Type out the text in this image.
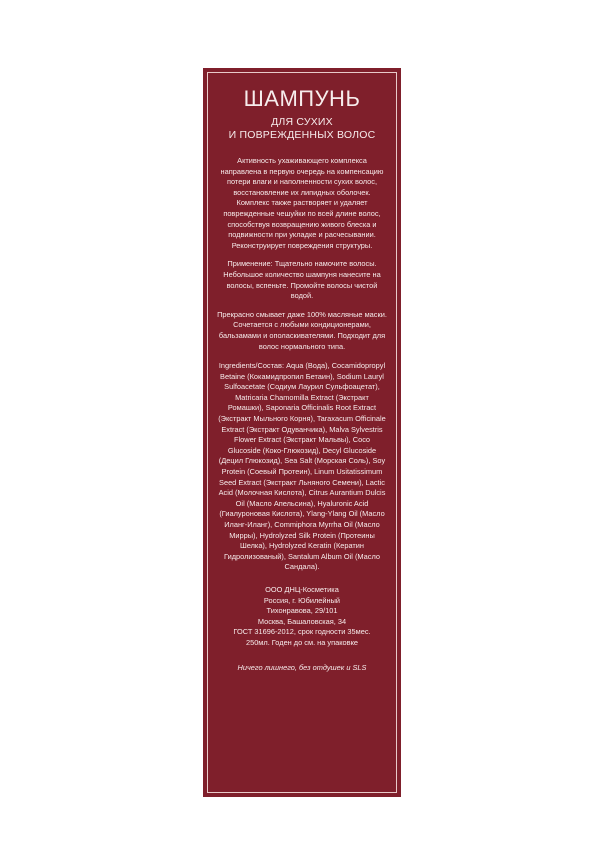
ШАМПУНЬ
ДЛЯ СУХИХ
И ПОВРЕЖДЕННЫХ ВОЛОС

Активность ухаживающего комплекса направлена в первую очередь на компенсацию потери влаги и наполненности сухих волос, восстановление их липидных оболочек. Комплекс также растворяет и удаляет поврежденные чешуйки по всей длине волос, способствуя возвращению живого блеска и подвижности при укладке и расчесывании. Реконструирует повреждения структуры.

Применение: Тщательно намочите волосы. Небольшое количество шампуня нанесите на волосы, вспеньте. Промойте волосы чистой водой.

Прекрасно смывает даже 100% масляные маски. Сочетается с любыми кондиционерами, бальзамами и ополаскивателями. Подходит для волос нормального типа.

Ingredients/Состав: Aqua (Вода), Cocamidopropyl Betaine (Кокамидпропил Бетаин), Sodium Lauryl Sulfoacetate (Содиум Лаурил Сульфоацетат), Matricaria Chamomilla Extract (Экстракт Ромашки), Saponaria Officinalis Root Extract (Экстракт Мыльного Корня), Taraxacum Officinale Extract (Экстракт Одуванчика), Malva Sylvestris Flower Extract (Экстракт Мальвы), Coco Glucoside (Коко-Глюкозид), Decyl Glucoside (Децил Глюкозид), Sea Salt (Морская Соль), Soy Protein (Соевый Протеин), Linum Usitatissimum Seed Extract (Экстракт Льняного Семени), Lactic Acid (Молочная Кислота), Citrus Aurantium Dulcis Oil (Масло Апельсина), Hyaluronic Acid (Гиалуроновая Кислота), Ylang-Ylang Oil (Масло Иланг-Иланг), Commiphora Myrrha Oil (Масло Мирры), Hydrolyzed Silk Protein (Протеины Шелка), Hydrolyzed Keratin (Кератин Гидролизованый), Santalum Album Oil (Масло Сандала).

ООО ДНЦ-Косметика
Россия, г. Юбилейный
Тихонравова, 29/101
Москва, Башаловская, 34
ГОСТ 31696-2012, срок годности 35мес.
250мл. Годен до см. на упаковке
Ничего лишнего, без отдушек и SLS
